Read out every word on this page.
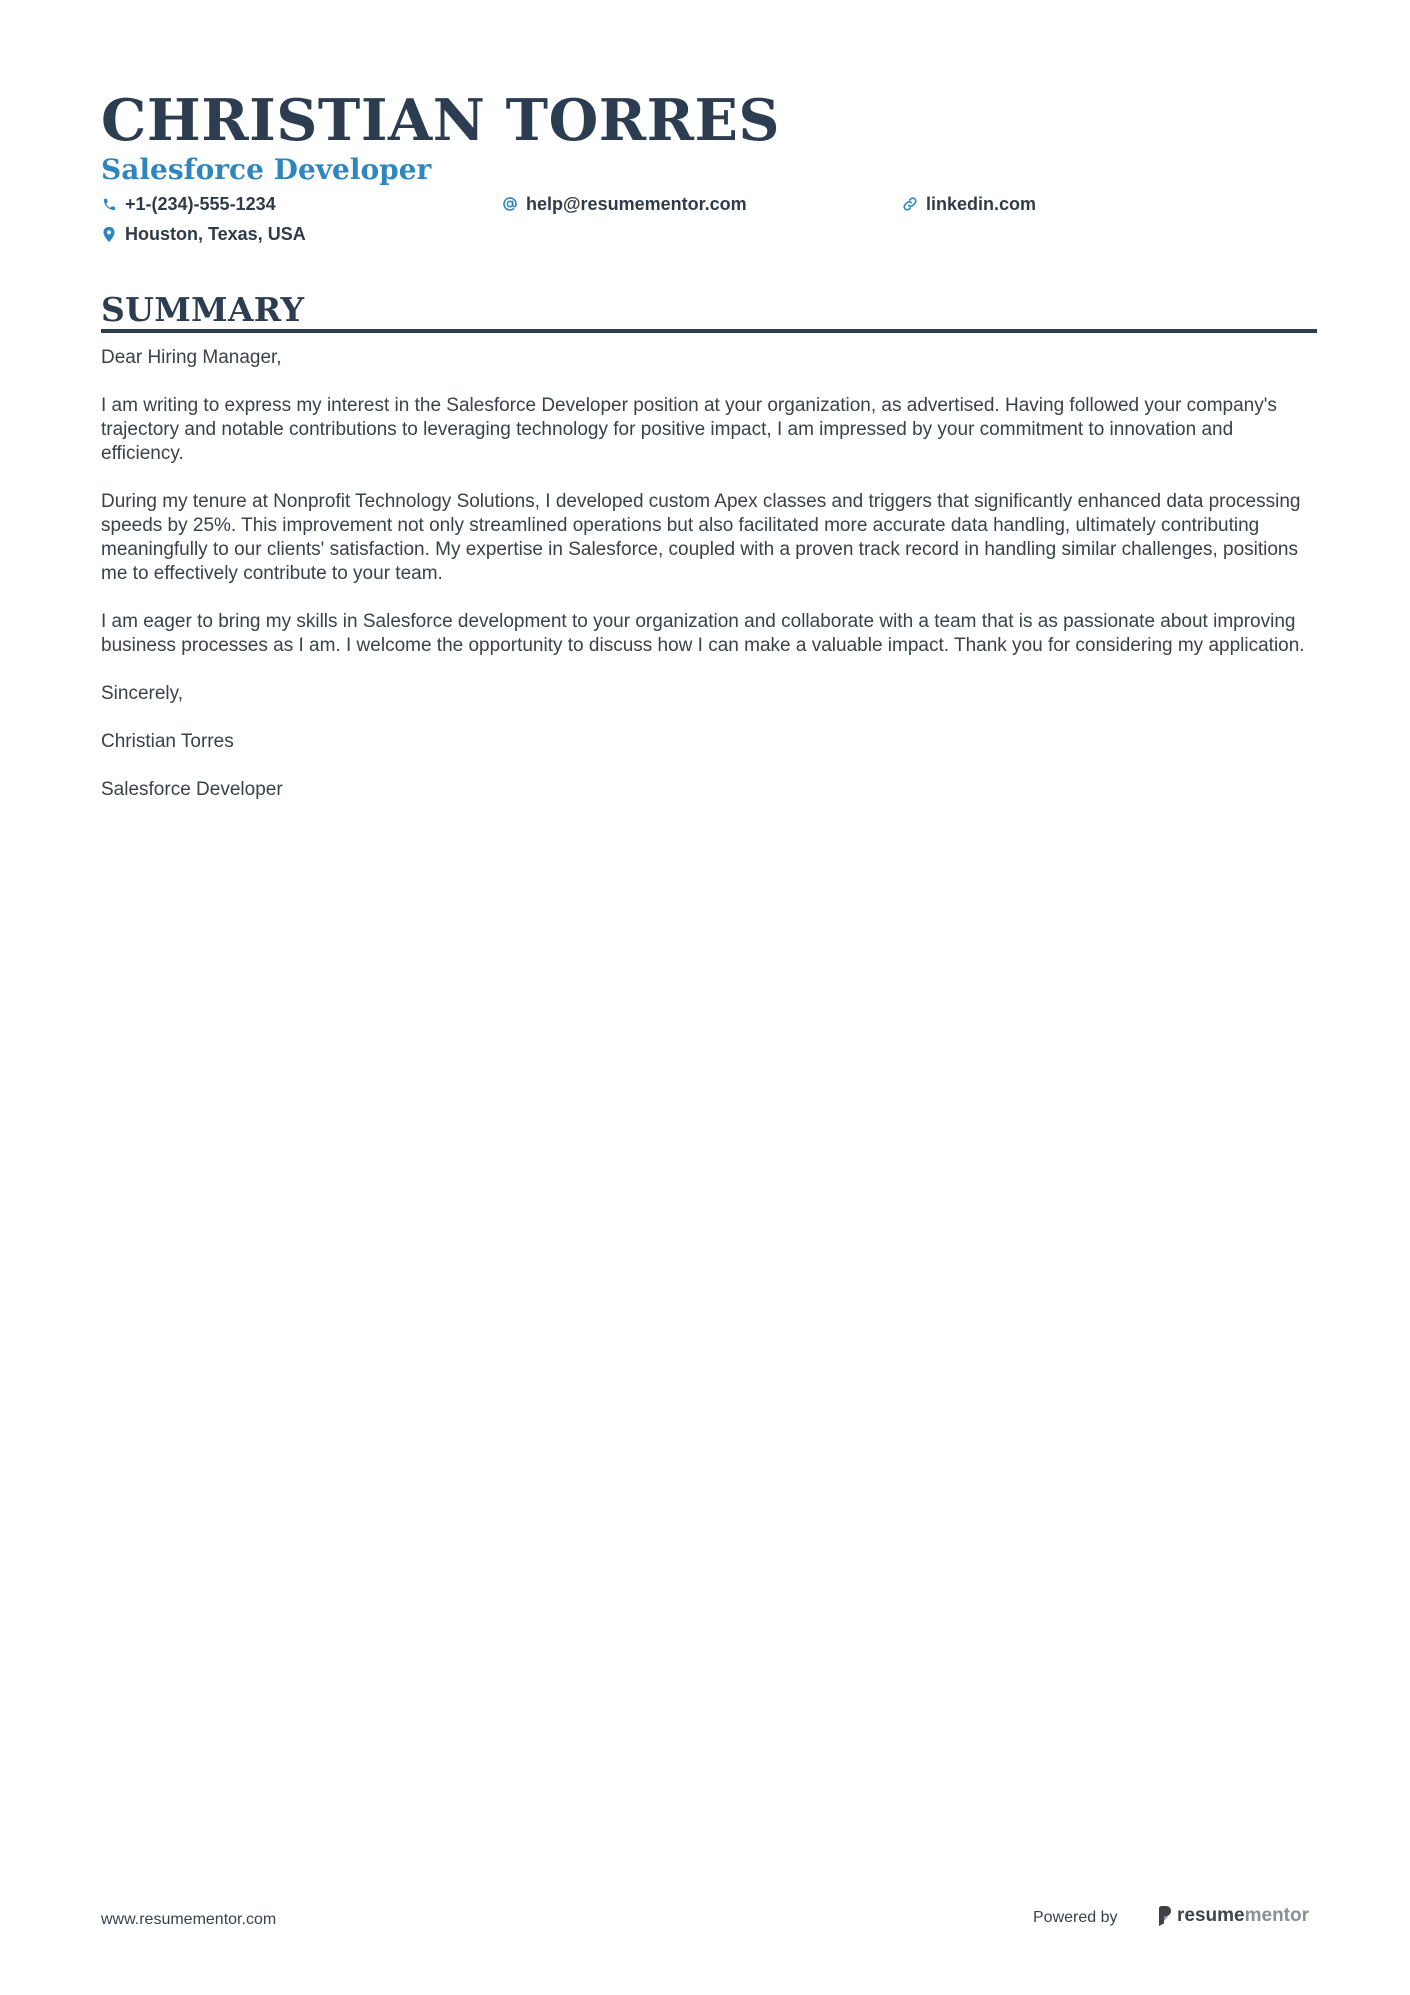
CHRISTIAN TORRES
Salesforce Developer
+1-(234)-555-1234	help@resumementor.com	linkedin.com
Houston, Texas, USA
SUMMARY

Dear Hiring Manager,

I am writing to express my interest in the Salesforce Developer position at your organization, as advertised. Having followed your company's trajectory and notable contributions to leveraging technology for positive impact, I am impressed by your commitment to innovation and efficiency.

During my tenure at Nonprofit Technology Solutions, I developed custom Apex classes and triggers that significantly enhanced data processing speeds by 25%. This improvement not only streamlined operations but also facilitated more accurate data handling, ultimately contributing meaningfully to our clients' satisfaction. My expertise in Salesforce, coupled with a proven track record in handling similar challenges, positions me to effectively contribute to your team.

I am eager to bring my skills in Salesforce development to your organization and collaborate with a team that is as passionate about improving business processes as I am. I welcome the opportunity to discuss how I can make a valuable impact. Thank you for considering my application.

Sincerely,

Christian Torres

Salesforce Developer

www.resumementor.com	Powered by	resume mentor
